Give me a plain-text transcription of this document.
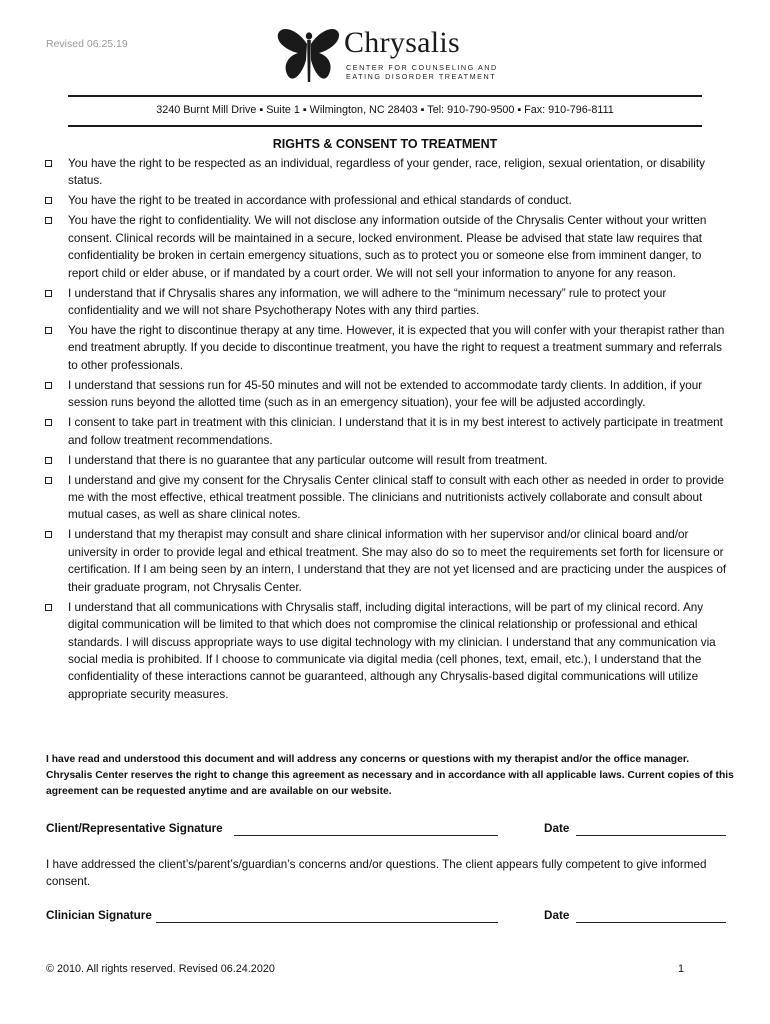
Revised 06.25.19	Chrysalis
CENTER FOR COUNSELING AND
EATING DISORDER TREATMENT
3240 Burnt Mill Drive ▪ Suite 1 ▪ Wilmington, NC 28403 ▪ Tel: 910-790-9500 ▪ Fax: 910-796-8111
RIGHTS & CONSENT TO TREATMENT
You have the right to be respected as an individual, regardless of your gender, race, religion, sexual orientation, or disability status.
You have the right to be treated in accordance with professional and ethical standards of conduct.
You have the right to confidentiality. We will not disclose any information outside of the Chrysalis Center without your written consent. Clinical records will be maintained in a secure, locked environment. Please be advised that state law requires that confidentiality be broken in certain emergency situations, such as to protect you or someone else from imminent danger, to report child or elder abuse, or if mandated by a court order. We will not sell your information to anyone for any reason.
I understand that if Chrysalis shares any information, we will adhere to the “minimum necessary” rule to protect your confidentiality and we will not share Psychotherapy Notes with any third parties.
You have the right to discontinue therapy at any time. However, it is expected that you will confer with your therapist rather than end treatment abruptly. If you decide to discontinue treatment, you have the right to request a treatment summary and referrals to other professionals.
I understand that sessions run for 45-50 minutes and will not be extended to accommodate tardy clients. In addition, if your session runs beyond the allotted time (such as in an emergency situation), your fee will be adjusted accordingly.
I consent to take part in treatment with this clinician. I understand that it is in my best interest to actively participate in treatment and follow treatment recommendations.
I understand that there is no guarantee that any particular outcome will result from treatment.
I understand and give my consent for the Chrysalis Center clinical staff to consult with each other as needed in order to provide me with the most effective, ethical treatment possible. The clinicians and nutritionists actively collaborate and consult about mutual cases, as well as share clinical notes.
I understand that my therapist may consult and share clinical information with her supervisor and/or clinical board and/or university in order to provide legal and ethical treatment. She may also do so to meet the requirements set forth for licensure or certification. If I am being seen by an intern, I understand that they are not yet licensed and are practicing under the auspices of their graduate program, not Chrysalis Center.
I understand that all communications with Chrysalis staff, including digital interactions, will be part of my clinical record. Any digital communication will be limited to that which does not compromise the clinical relationship or professional and ethical standards. I will discuss appropriate ways to use digital technology with my clinician. I understand that any communication via social media is prohibited. If I choose to communicate via digital media (cell phones, text, email, etc.), I understand that the confidentiality of these interactions cannot be guaranteed, although any Chrysalis-based digital communications will utilize appropriate security measures.
I have read and understood this document and will address any concerns or questions with my therapist and/or the office manager. Chrysalis Center reserves the right to change this agreement as necessary and in accordance with all applicable laws. Current copies of this agreement can be requested anytime and are available on our website.
Client/Representative Signature	Date
I have addressed the client’s/parent’s/guardian’s concerns and/or questions. The client appears fully competent to give informed consent.
Clinician Signature	Date
© 2010. All rights reserved. Revised 06.24.2020	1
